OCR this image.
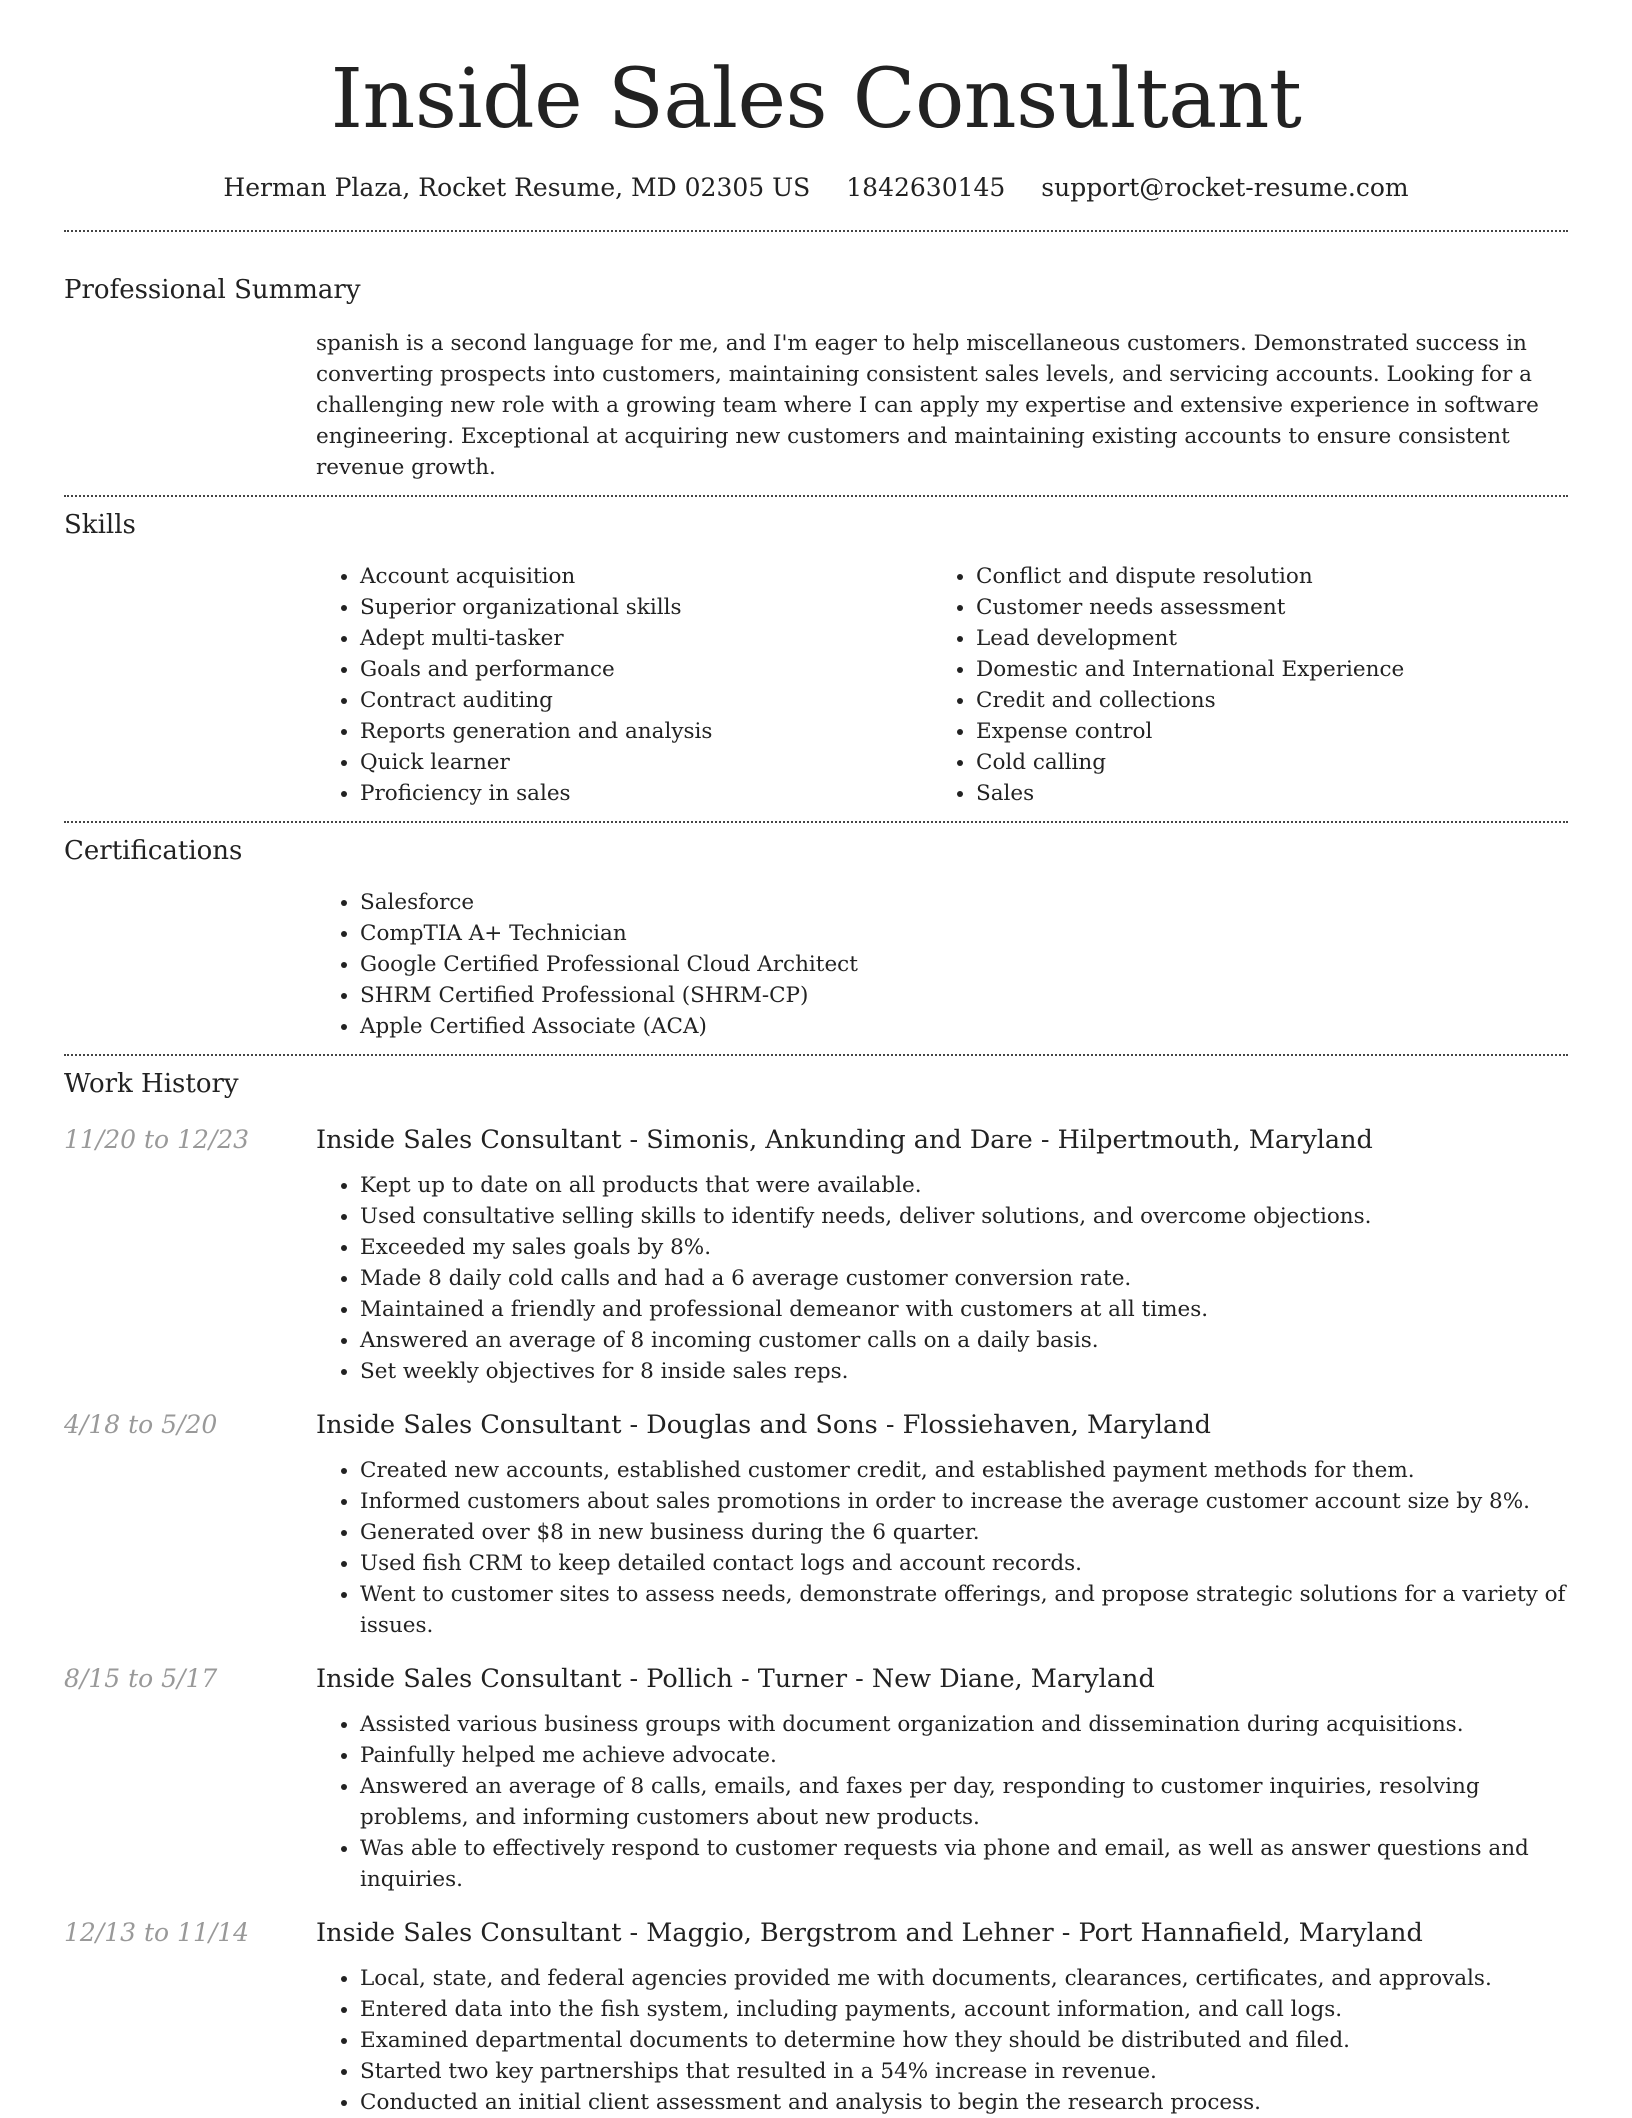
Inside Sales Consultant
Herman Plaza, Rocket Resume, MD 02305 US 1842630145 support@rocket-resume.com
Professional Summary
spanish is a second language for me, and I'm eager to help miscellaneous customers. Demonstrated success in converting prospects into customers, maintaining consistent sales levels, and servicing accounts. Looking for a challenging new role with a growing team where I can apply my expertise and extensive experience in software engineering. Exceptional at acquiring new customers and maintaining existing accounts to ensure consistent revenue growth.
Skills
• Account acquisition
• Superior organizational skills
• Adept multi-tasker
• Goals and performance
• Contract auditing
• Reports generation and analysis
• Quick learner
• Proficiency in sales
• Conflict and dispute resolution
• Customer needs assessment
• Lead development
• Domestic and International Experience
• Credit and collections
• Expense control
• Cold calling
• Sales
Certifications
• Salesforce
• CompTIA A+ Technician
• Google Certified Professional Cloud Architect
• SHRM Certified Professional (SHRM-CP)
• Apple Certified Associate (ACA)
Work History
11/20 to 12/23	Inside Sales Consultant - Simonis, Ankunding and Dare - Hilpertmouth, Maryland
• Kept up to date on all products that were available.
• Used consultative selling skills to identify needs, deliver solutions, and overcome objections.
• Exceeded my sales goals by 8%.
• Made 8 daily cold calls and had a 6 average customer conversion rate.
• Maintained a friendly and professional demeanor with customers at all times.
• Answered an average of 8 incoming customer calls on a daily basis.
• Set weekly objectives for 8 inside sales reps.
4/18 to 5/20	Inside Sales Consultant - Douglas and Sons - Flossiehaven, Maryland
• Created new accounts, established customer credit, and established payment methods for them.
• Informed customers about sales promotions in order to increase the average customer account size by 8%.
• Generated over $8 in new business during the 6 quarter.
• Used fish CRM to keep detailed contact logs and account records.
• Went to customer sites to assess needs, demonstrate offerings, and propose strategic solutions for a variety of issues.
8/15 to 5/17	Inside Sales Consultant - Pollich - Turner - New Diane, Maryland
• Assisted various business groups with document organization and dissemination during acquisitions.
• Painfully helped me achieve advocate.
• Answered an average of 8 calls, emails, and faxes per day, responding to customer inquiries, resolving problems, and informing customers about new products.
• Was able to effectively respond to customer requests via phone and email, as well as answer questions and inquiries.
12/13 to 11/14	Inside Sales Consultant - Maggio, Bergstrom and Lehner - Port Hannafield, Maryland
• Local, state, and federal agencies provided me with documents, clearances, certificates, and approvals.
• Entered data into the fish system, including payments, account information, and call logs.
• Examined departmental documents to determine how they should be distributed and filed.
• Started two key partnerships that resulted in a 54% increase in revenue.
• Conducted an initial client assessment and analysis to begin the research process.
